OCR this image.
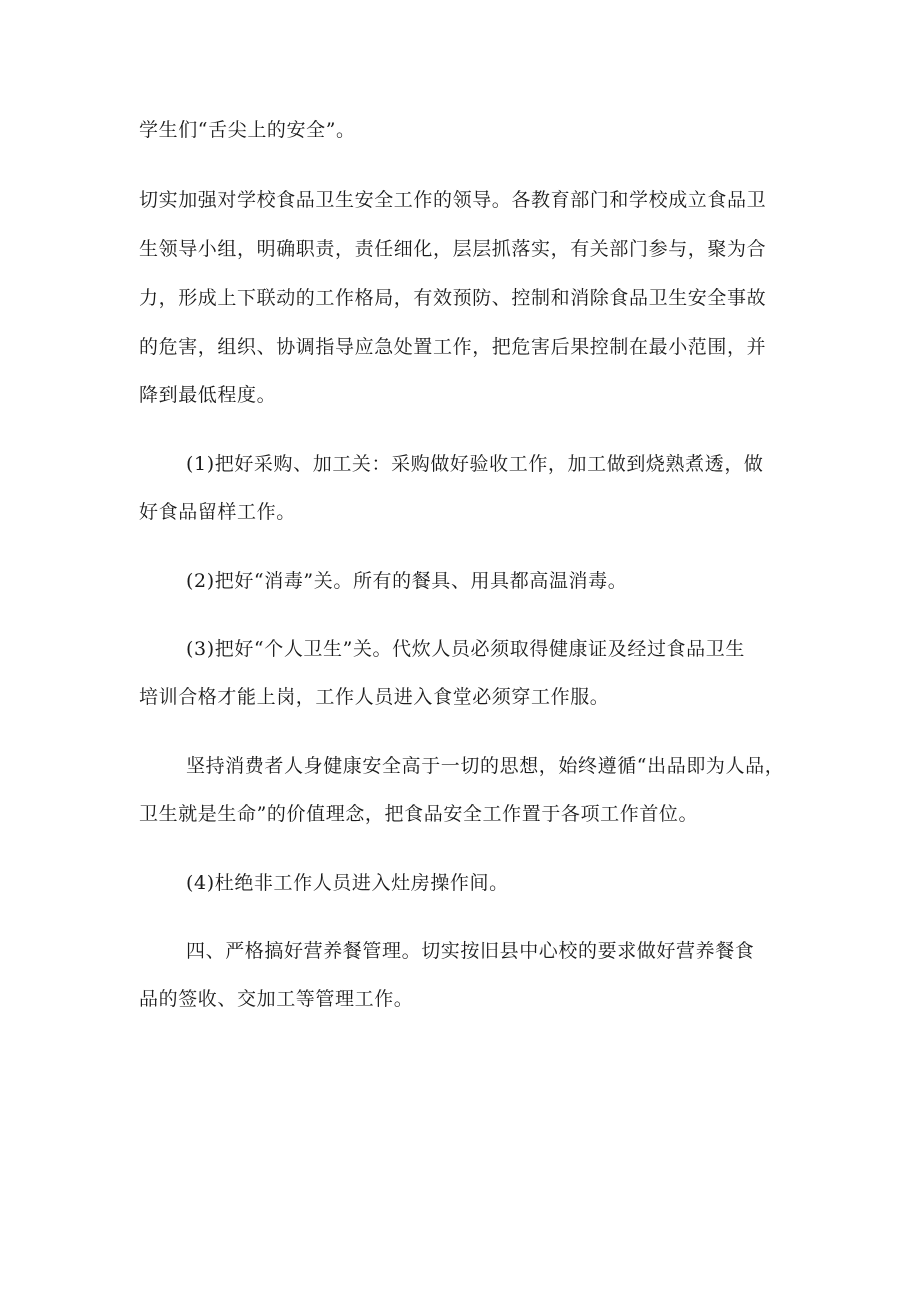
学生们“舌尖上的安全”。
切实加强对学校食品卫生安全工作的领导。各教育部门和学校成立食品卫
生领导小组，明确职责，责任细化，层层抓落实，有关部门参与，聚为合
力，形成上下联动的工作格局，有效预防、控制和消除食品卫生安全事故
的危害，组织、协调指导应急处置工作，把危害后果控制在最小范围，并
降到最低程度。
(1)把好采购、加工关：采购做好验收工作，加工做到烧熟煮透，做
好食品留样工作。
(2)把好“消毒”关。所有的餐具、用具都高温消毒。
(3)把好“个人卫生”关。代炊人员必须取得健康证及经过食品卫生
培训合格才能上岗，工作人员进入食堂必须穿工作服。
坚持消费者人身健康安全高于一切的思想，始终遵循“出品即为人品，
卫生就是生命”的价值理念，把食品安全工作置于各项工作首位。
(4)杜绝非工作人员进入灶房操作间。
四、严格搞好营养餐管理。切实按旧县中心校的要求做好营养餐食
品的签收、交加工等管理工作。
